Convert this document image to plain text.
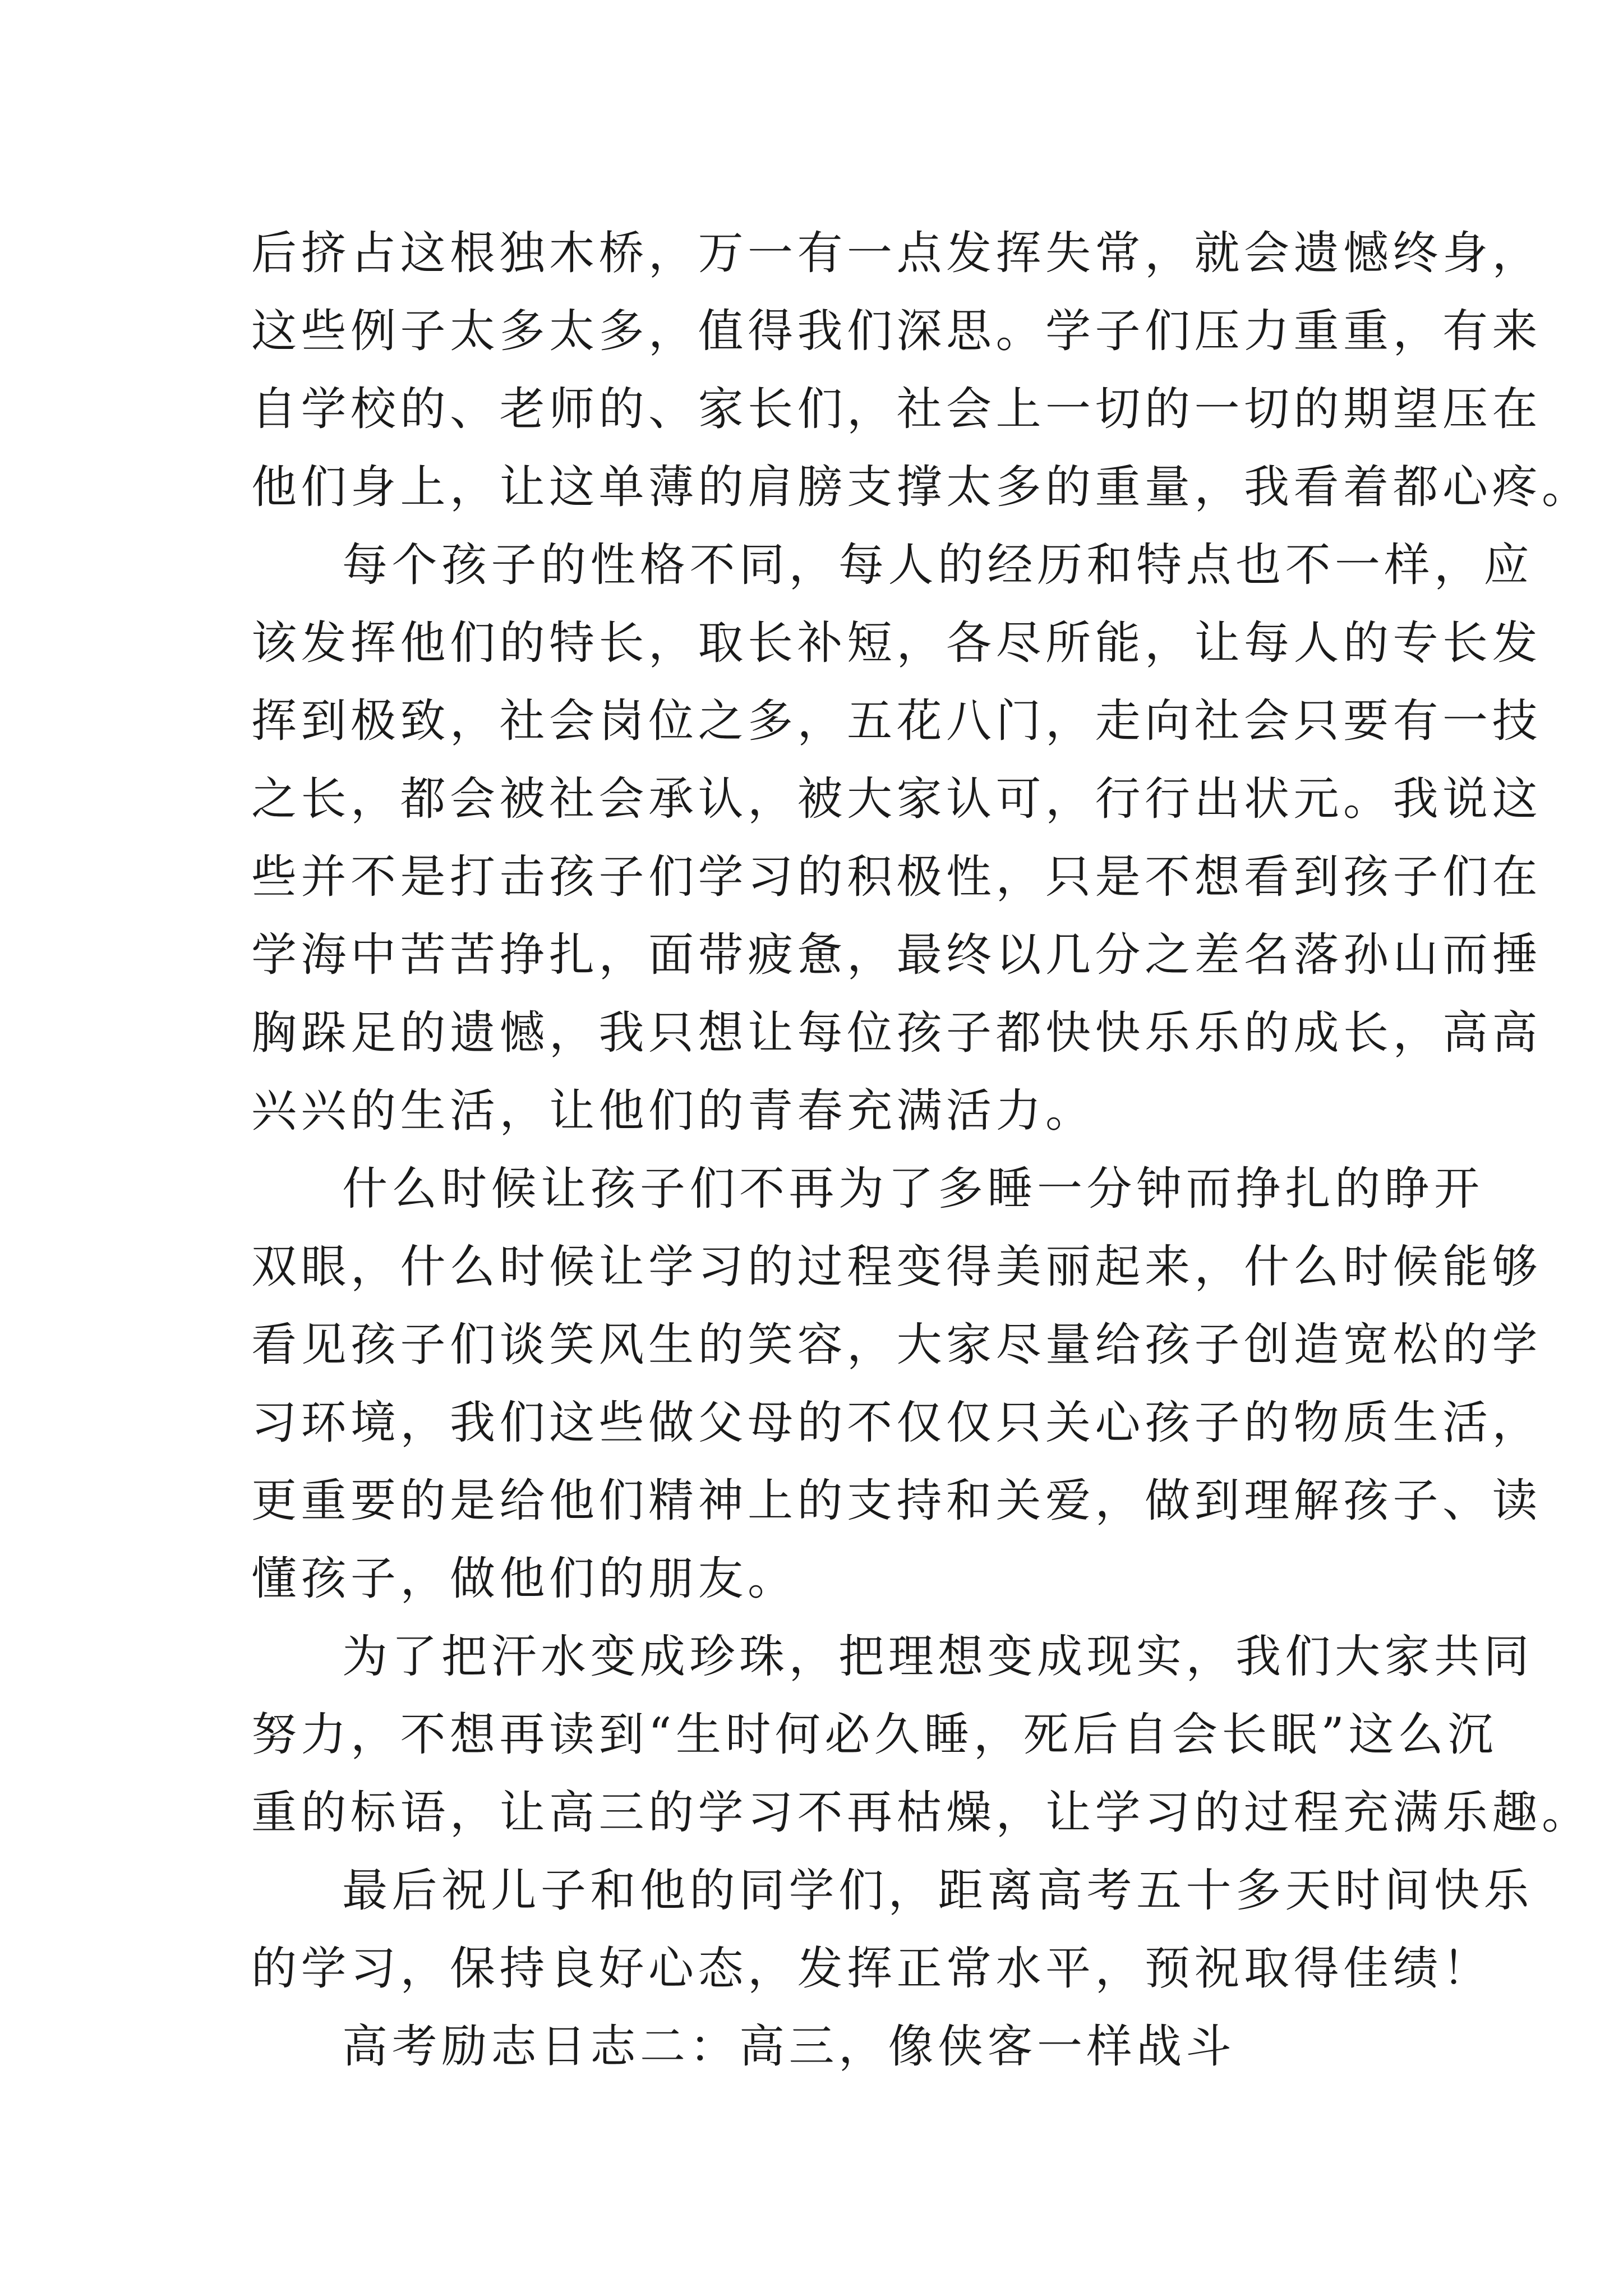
后挤占这根独木桥，万一有一点发挥失常，就会遗憾终身，
这些例子太多太多，值得我们深思。学子们压力重重，有来
自学校的、老师的、家长们，社会上一切的一切的期望压在
他们身上，让这单薄的肩膀支撑太多的重量，我看着都心疼。
每个孩子的性格不同，每人的经历和特点也不一样，应
该发挥他们的特长，取长补短，各尽所能，让每人的专长发
挥到极致，社会岗位之多，五花八门，走向社会只要有一技
之长，都会被社会承认，被大家认可，行行出状元。我说这
些并不是打击孩子们学习的积极性，只是不想看到孩子们在
学海中苦苦挣扎，面带疲惫，最终以几分之差名落孙山而捶
胸跺足的遗憾，我只想让每位孩子都快快乐乐的成长，高高
兴兴的生活，让他们的青春充满活力。
什么时候让孩子们不再为了多睡一分钟而挣扎的睁开
双眼，什么时候让学习的过程变得美丽起来，什么时候能够
看见孩子们谈笑风生的笑容，大家尽量给孩子创造宽松的学
习环境，我们这些做父母的不仅仅只关心孩子的物质生活，
更重要的是给他们精神上的支持和关爱，做到理解孩子、读
懂孩子，做他们的朋友。
为了把汗水变成珍珠，把理想变成现实，我们大家共同
努力，不想再读到“生时何必久睡，死后自会长眠”这么沉
重的标语，让高三的学习不再枯燥，让学习的过程充满乐趣。
最后祝儿子和他的同学们，距离高考五十多天时间快乐
的学习，保持良好心态，发挥正常水平，预祝取得佳绩！
高考励志日志二：高三，像侠客一样战斗
